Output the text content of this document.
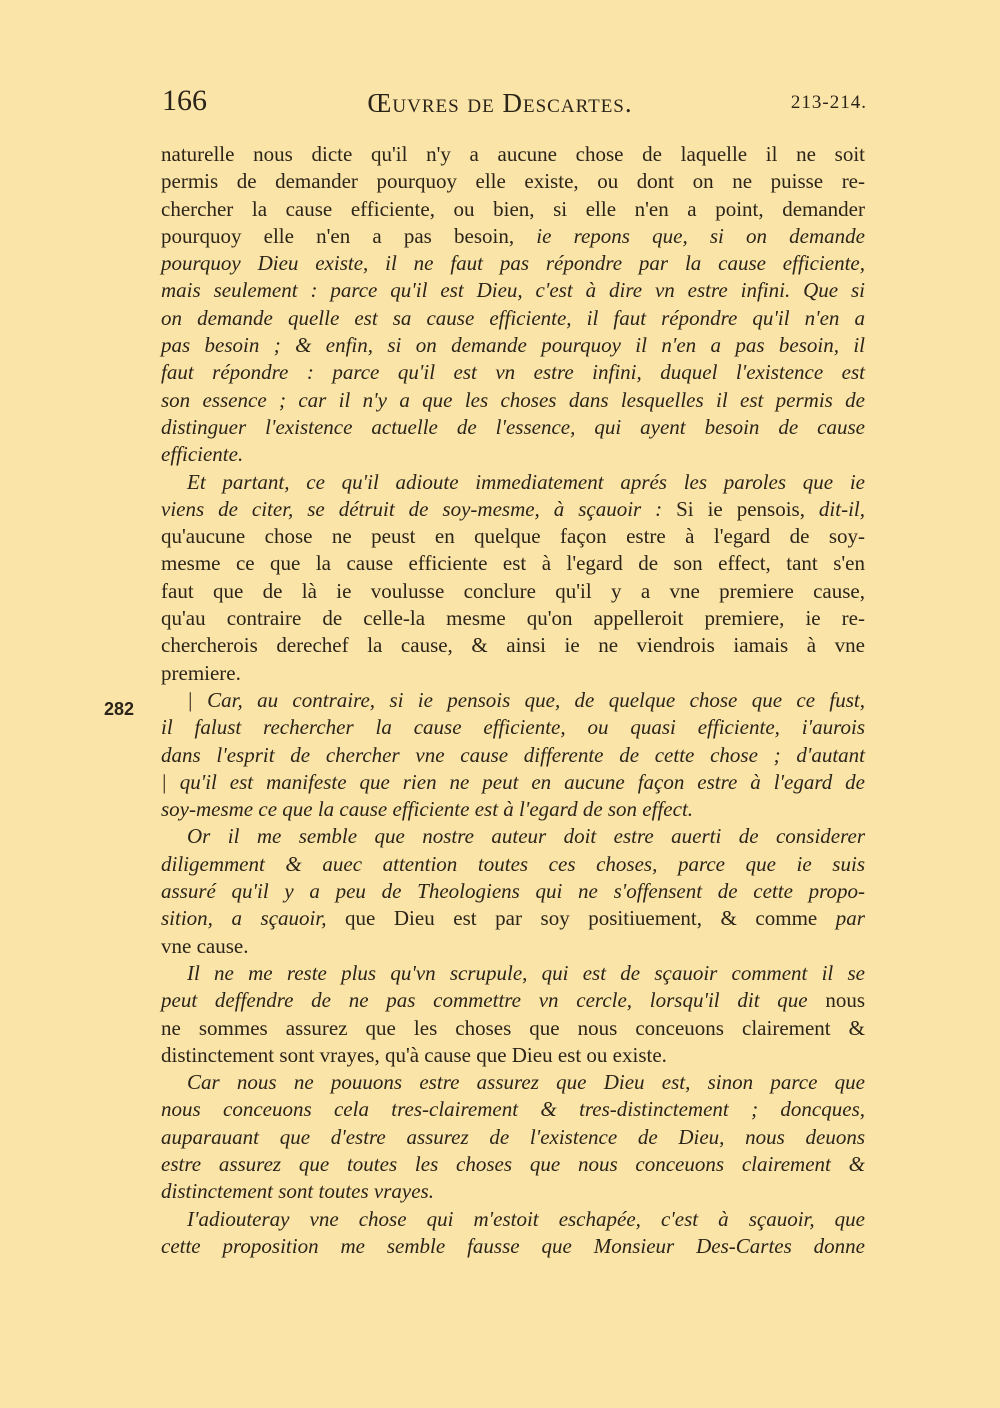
166	Œuvres de Descartes.	213-214.
282
naturelle nous dicte qu'il n'y a aucune chose de laquelle il ne soit
permis de demander pourquoy elle existe, ou dont on ne puisse re-
chercher la cause efficiente, ou bien, si elle n'en a point, demander
pourquoy elle n'en a pas besoin, ie repons que, si on demande
pourquoy Dieu existe, il ne faut pas répondre par la cause efficiente,
mais seulement : parce qu'il est Dieu, c'est à dire vn estre infini. Que si
on demande quelle est sa cause efficiente, il faut répondre qu'il n'en a
pas besoin ; & enfin, si on demande pourquoy il n'en a pas besoin, il
faut répondre : parce qu'il est vn estre infini, duquel l'existence est
son essence ; car il n'y a que les choses dans lesquelles il est permis de
distinguer l'existence actuelle de l'essence, qui ayent besoin de cause
efficiente.
Et partant, ce qu'il adioute immediatement aprés les paroles que ie
viens de citer, se détruit de soy-mesme, à sçauoir : Si ie pensois, dit-il,
qu'aucune chose ne peust en quelque façon estre à l'egard de soy-
mesme ce que la cause efficiente est à l'egard de son effect, tant s'en
faut que de là ie voulusse conclure qu'il y a vne premiere cause,
qu'au contraire de celle-la mesme qu'on appelleroit premiere, ie re-
chercherois derechef la cause, & ainsi ie ne viendrois iamais à vne
premiere.
| Car, au contraire, si ie pensois que, de quelque chose que ce fust,
il falust rechercher la cause efficiente, ou quasi efficiente, i'aurois
dans l'esprit de chercher vne cause differente de cette chose ; d'autant
| qu'il est manifeste que rien ne peut en aucune façon estre à l'egard de
soy-mesme ce que la cause efficiente est à l'egard de son effect.
Or il me semble que nostre auteur doit estre auerti de considerer
diligemment & auec attention toutes ces choses, parce que ie suis
assuré qu'il y a peu de Theologiens qui ne s'offensent de cette propo-
sition, a sçauoir, que Dieu est par soy positiuement, & comme par
vne cause.
Il ne me reste plus qu'vn scrupule, qui est de sçauoir comment il se
peut deffendre de ne pas commettre vn cercle, lorsqu'il dit que nous
ne sommes assurez que les choses que nous conceuons clairement &
distinctement sont vrayes, qu'à cause que Dieu est ou existe.
Car nous ne pouuons estre assurez que Dieu est, sinon parce que
nous conceuons cela tres-clairement & tres-distinctement ; doncques,
auparauant que d'estre assurez de l'existence de Dieu, nous deuons
estre assurez que toutes les choses que nous conceuons clairement &
distinctement sont toutes vrayes.
I'adiouteray vne chose qui m'estoit eschapée, c'est à sçauoir, que
cette proposition me semble fausse que Monsieur Des-Cartes donne
